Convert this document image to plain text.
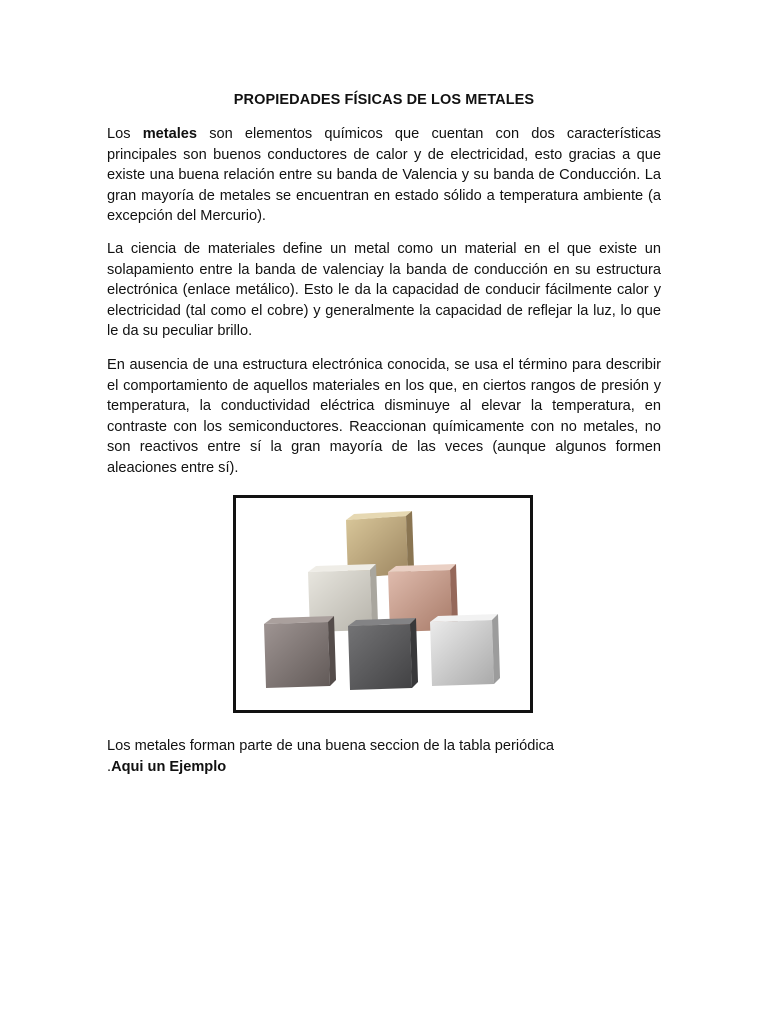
PROPIEDADES FÍSICAS DE LOS METALES

Los metales son elementos químicos que cuentan con dos características principales son buenos conductores de calor y de electricidad, esto gracias a que existe una buena relación entre su banda de Valencia y su banda de Conducción. La gran mayoría de metales se encuentran en estado sólido a temperatura ambiente (a excepción del Mercurio).

La ciencia de materiales define un metal como un material en el que existe un solapamiento entre la banda de valenciay la banda de conducción en su estructura electrónica (enlace metálico). Esto le da la capacidad de conducir fácilmente calor y electricidad (tal como el cobre) y generalmente la capacidad de reflejar la luz, lo que le da su peculiar brillo.

En ausencia de una estructura electrónica conocida, se usa el término para describir el comportamiento de aquellos materiales en los que, en ciertos rangos de presión y temperatura, la conductividad eléctrica disminuye al elevar la temperatura, en contraste con los semiconductores. Reaccionan químicamente con no metales, no son reactivos entre sí la gran mayoría de las veces (aunque algunos formen aleaciones entre sí).

Los metales forman parte de una buena seccion de la tabla periódica
.Aqui un Ejemplo
